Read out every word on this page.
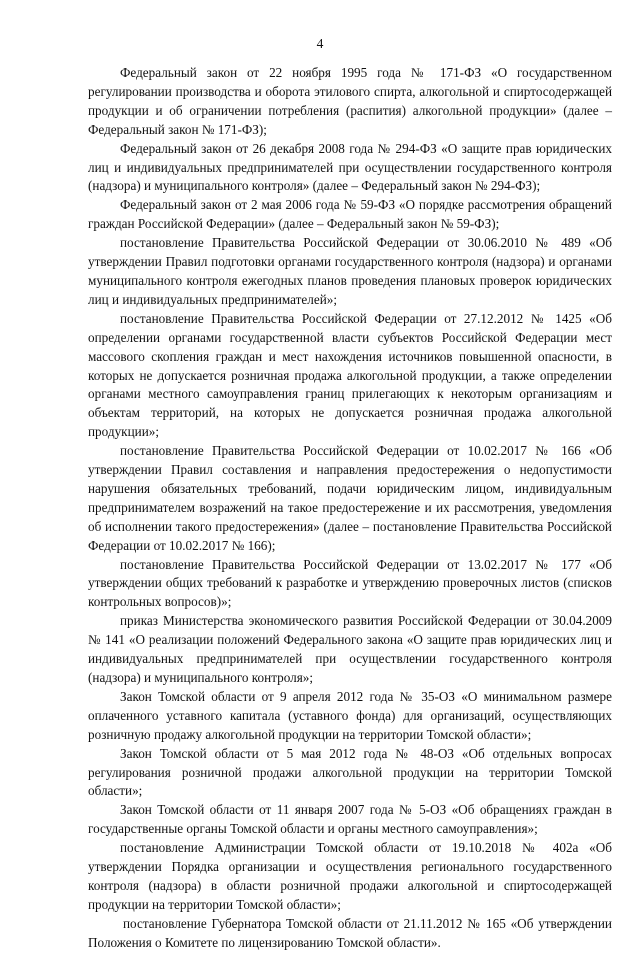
4

Федеральный закон от 22 ноября 1995 года № 171-ФЗ «О государственном регулировании производства и оборота этилового спирта, алкогольной и спиртосодержащей продукции и об ограничении потребления (распития) алкогольной продукции» (далее – Федеральный закон № 171-ФЗ);

Федеральный закон от 26 декабря 2008 года № 294-ФЗ «О защите прав юридических лиц и индивидуальных предпринимателей при осуществлении государственного контроля (надзора) и муниципального контроля» (далее – Федеральный закон № 294-ФЗ);

Федеральный закон от 2 мая 2006 года № 59-ФЗ «О порядке рассмотрения обращений граждан Российской Федерации» (далее – Федеральный закон № 59-ФЗ);

постановление Правительства Российской Федерации от 30.06.2010 № 489 «Об утверждении Правил подготовки органами государственного контроля (надзора) и органами муниципального контроля ежегодных планов проведения плановых проверок юридических лиц и индивидуальных предпринимателей»;

постановление Правительства Российской Федерации от 27.12.2012 № 1425 «Об определении органами государственной власти субъектов Российской Федерации мест массового скопления граждан и мест нахождения источников повышенной опасности, в которых не допускается розничная продажа алкогольной продукции, а также определении органами местного самоуправления границ прилегающих к некоторым организациям и объектам территорий, на которых не допускается розничная продажа алкогольной продукции»;

постановление Правительства Российской Федерации от 10.02.2017 № 166 «Об утверждении Правил составления и направления предостережения о недопустимости нарушения обязательных требований, подачи юридическим лицом, индивидуальным предпринимателем возражений на такое предостережение и их рассмотрения, уведомления об исполнении такого предостережения» (далее – постановление Правительства Российской Федерации от 10.02.2017 № 166);

постановление Правительства Российской Федерации от 13.02.2017 № 177 «Об утверждении общих требований к разработке и утверждению проверочных листов (списков контрольных вопросов)»;

приказ Министерства экономического развития Российской Федерации от 30.04.2009 № 141 «О реализации положений Федерального закона «О защите прав юридических лиц и индивидуальных предпринимателей при осуществлении государственного контроля (надзора) и муниципального контроля»;

Закон Томской области от 9 апреля 2012 года № 35-ОЗ «О минимальном размере оплаченного уставного капитала (уставного фонда) для организаций, осуществляющих розничную продажу алкогольной продукции на территории Томской области»;

Закон Томской области от 5 мая 2012 года № 48-ОЗ «Об отдельных вопросах регулирования розничной продажи алкогольной продукции на территории Томской области»;

Закон Томской области от 11 января 2007 года № 5-ОЗ «Об обращениях граждан в государственные органы Томской области и органы местного самоуправления»;

постановление Администрации Томской области от 19.10.2018 № 402а «Об утверждении Порядка организации и осуществления регионального государственного контроля (надзора) в области розничной продажи алкогольной и спиртосодержащей продукции на территории Томской области»;

постановление Губернатора Томской области от 21.11.2012 № 165 «Об утверждении Положения о Комитете по лицензированию Томской области».
